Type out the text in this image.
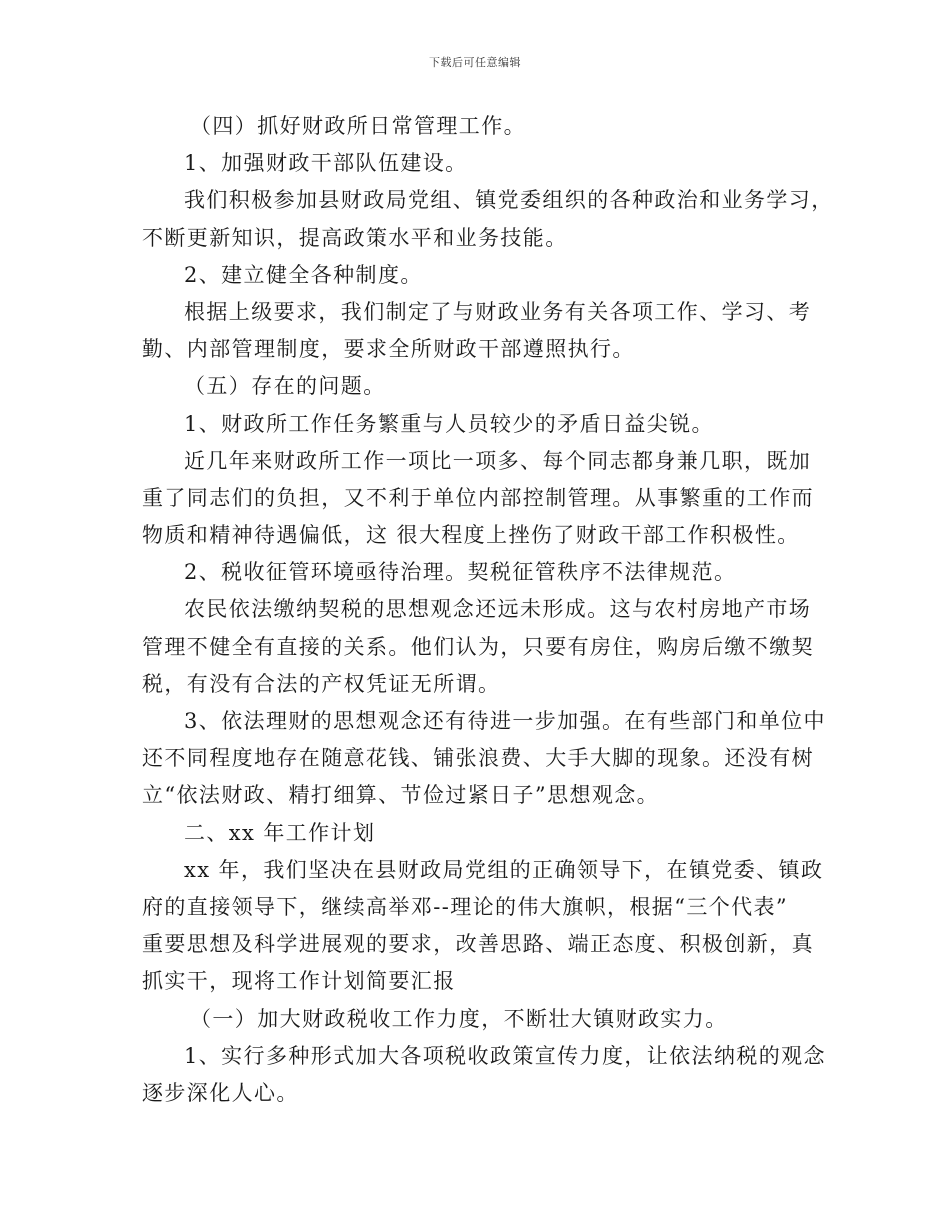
下载后可任意编辑
（四）抓好财政所日常管理工作。
1、加强财政干部队伍建设。
我们积极参加县财政局党组、镇党委组织的各种政治和业务学习，
不断更新知识，提高政策水平和业务技能。
2、建立健全各种制度。
根据上级要求，我们制定了与财政业务有关各项工作、学习、考
勤、内部管理制度，要求全所财政干部遵照执行。
（五）存在的问题。
1、财政所工作任务繁重与人员较少的矛盾日益尖锐。
近几年来财政所工作一项比一项多、每个同志都身兼几职，既加
重了同志们的负担，又不利于单位内部控制管理。从事繁重的工作而
物质和精神待遇偏低，这 很大程度上挫伤了财政干部工作积极性。
2、税收征管环境亟待治理。契税征管秩序不法律规范。
农民依法缴纳契税的思想观念还远未形成。这与农村房地产市场
管理不健全有直接的关系。他们认为，只要有房住，购房后缴不缴契
税，有没有合法的产权凭证无所谓。
3、依法理财的思想观念还有待进一步加强。在有些部门和单位中
还不同程度地存在随意花钱、铺张浪费、大手大脚的现象。还没有树
立“依法财政、精打细算、节俭过紧日子”思想观念。
二、xx 年工作计划
xx 年，我们坚决在县财政局党组的正确领导下，在镇党委、镇政
府的直接领导下，继续高举邓--理论的伟大旗帜，根据“三个代表”
重要思想及科学进展观的要求，改善思路、端正态度、积极创新，真
抓实干，现将工作计划简要汇报
（一）加大财政税收工作力度，不断壮大镇财政实力。
1、实行多种形式加大各项税收政策宣传力度，让依法纳税的观念
逐步深化人心。
